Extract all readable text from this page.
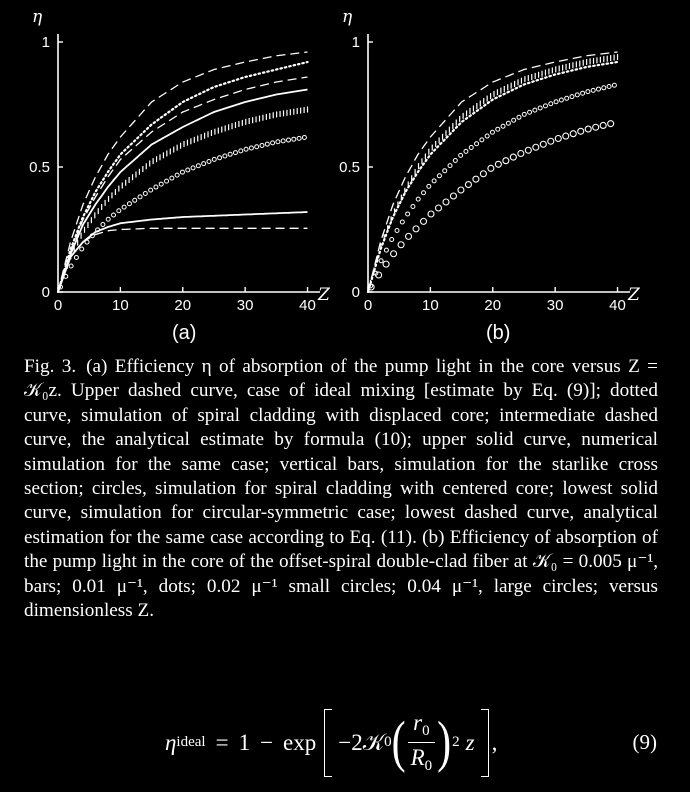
0	10	20	30	40
0
0.5
1
η
Z
0	10	20	30	40
0
0.5
1
η
Z
(a)	(b)
Fig. 3. (a) Efficiency η of absorption of the pump light in the core versus Z = 𝒦₀z. Upper dashed curve, case of ideal mixing [estimate by Eq. (9)]; dotted curve, simulation of spiral cladding with displaced core; intermediate dashed curve, the analytical estimate by formula (10); upper solid curve, numerical simulation for the same case; vertical bars, simulation for the starlike cross section; circles, simulation for spiral cladding with centered core; lowest solid curve, simulation for circular-symmetric case; lowest dashed curve, analytical estimation for the same case according to Eq. (11). (b) Efficiency of absorption of the pump light in the core of the offset-spiral double-clad fiber at 𝒦₀ = 0.005 μ⁻¹, bars; 0.01 μ⁻¹, dots; 0.02 μ⁻¹ small circles; 0.04 μ⁻¹, large circles; versus dimensionless Z.
η ideal = 1 − exp −2𝒦 0 ( $\frac{r_0}{R_0}$ ) 2 z ,	(9)
